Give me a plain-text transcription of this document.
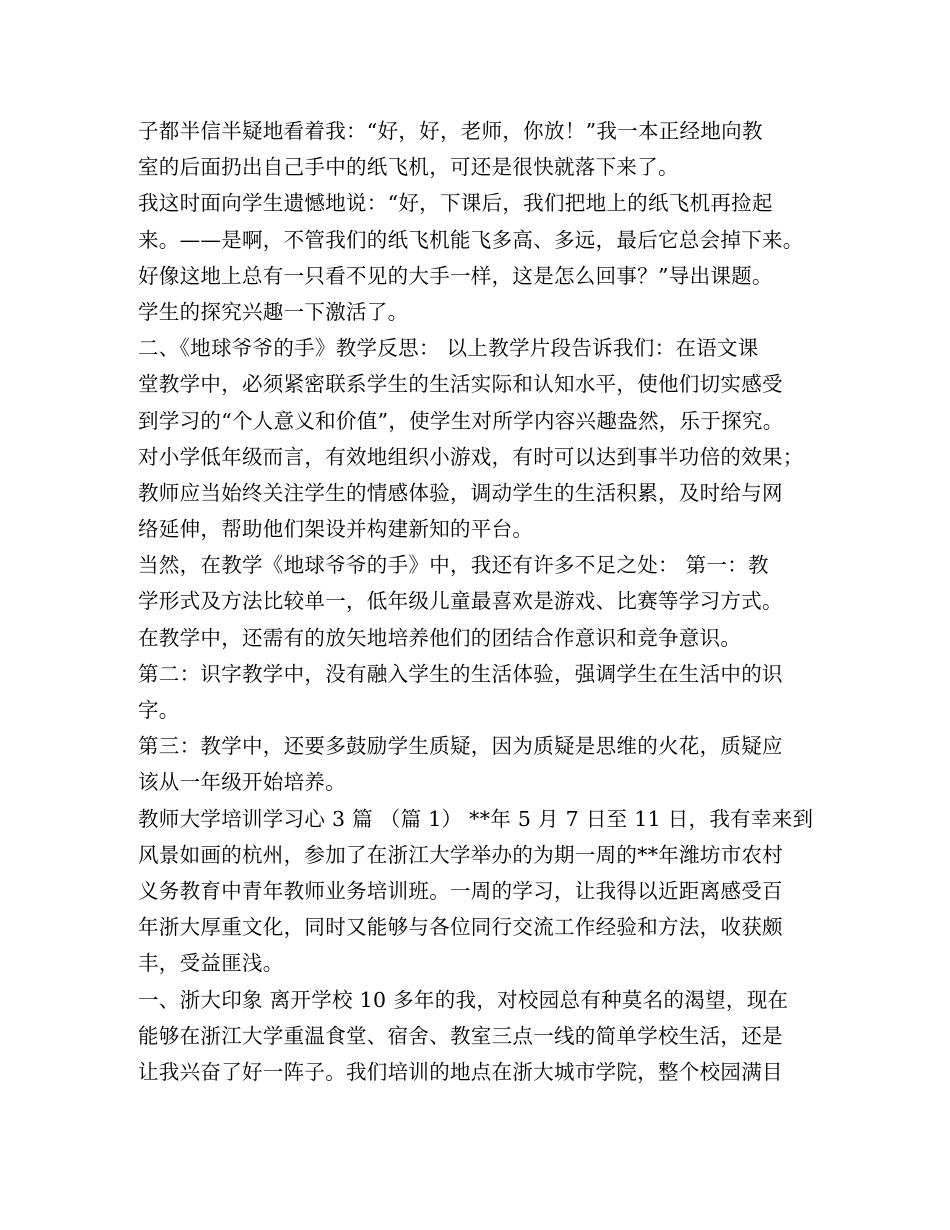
子都半信半疑地看着我：“好，好，老师，你放！”我一本正经地向教
室的后面扔出自己手中的纸飞机，可还是很快就落下来了。
我这时面向学生遗憾地说：“好，下课后，我们把地上的纸飞机再捡起
来。——是啊，不管我们的纸飞机能飞多高、多远，最后它总会掉下来。
好像这地上总有一只看不见的大手一样，这是怎么回事？”导出课题。
学生的探究兴趣一下激活了。
二、《地球爷爷的手》教学反思： 以上教学片段告诉我们：在语文课
堂教学中，必须紧密联系学生的生活实际和认知水平，使他们切实感受
到学习的“个人意义和价值”，使学生对所学内容兴趣盎然，乐于探究。
对小学低年级而言，有效地组织小游戏，有时可以达到事半功倍的效果；
教师应当始终关注学生的情感体验，调动学生的生活积累，及时给与网
络延伸，帮助他们架设并构建新知的平台。
当然，在教学《地球爷爷的手》中，我还有许多不足之处： 第一：教
学形式及方法比较单一，低年级儿童最喜欢是游戏、比赛等学习方式。
在教学中，还需有的放矢地培养他们的团结合作意识和竞争意识。
第二：识字教学中，没有融入学生的生活体验，强调学生在生活中的识
字。
第三：教学中，还要多鼓励学生质疑，因为质疑是思维的火花，质疑应
该从一年级开始培养。
教师大学培训学习心 3 篇 （篇 1） **年 5 月 7 日至 11 日，我有幸来到
风景如画的杭州，参加了在浙江大学举办的为期一周的**年潍坊市农村
义务教育中青年教师业务培训班。一周的学习，让我得以近距离感受百
年浙大厚重文化，同时又能够与各位同行交流工作经验和方法，收获颇
丰，受益匪浅。
一、浙大印象 离开学校 10 多年的我，对校园总有种莫名的渴望，现在
能够在浙江大学重温食堂、宿舍、教室三点一线的简单学校生活，还是
让我兴奋了好一阵子。我们培训的地点在浙大城市学院，整个校园满目
